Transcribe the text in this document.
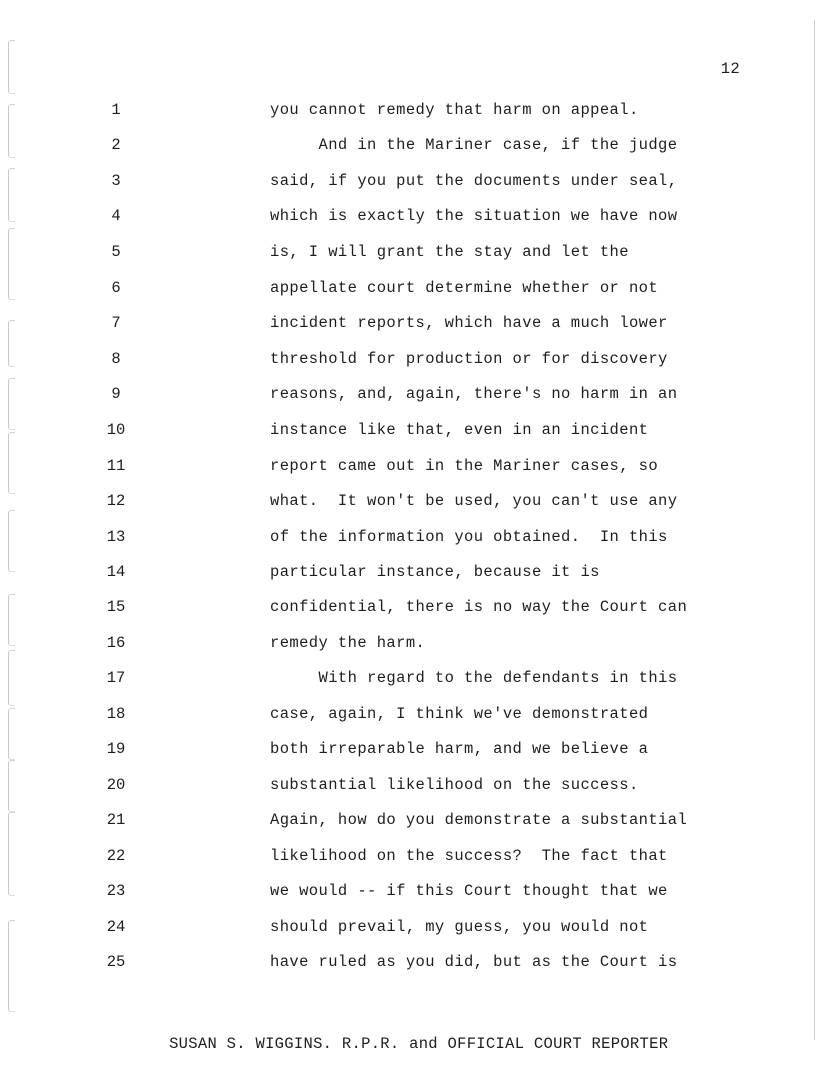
12
1	you cannot remedy that harm on appeal.
2	And in the Mariner case, if the judge
3	said, if you put the documents under seal,
4	which is exactly the situation we have now
5	is, I will grant the stay and let the
6	appellate court determine whether or not
7	incident reports, which have a much lower
8	threshold for production or for discovery
9	reasons, and, again, there's no harm in an
10	instance like that, even in an incident
11	report came out in the Mariner cases, so
12	what.  It won't be used, you can't use any
13	of the information you obtained.  In this
14	particular instance, because it is
15	confidential, there is no way the Court can
16	remedy the harm.
17	With regard to the defendants in this
18	case, again, I think we've demonstrated
19	both irreparable harm, and we believe a
20	substantial likelihood on the success.
21	Again, how do you demonstrate a substantial
22	likelihood on the success?  The fact that
23	we would -- if this Court thought that we
24	should prevail, my guess, you would not
25	have ruled as you did, but as the Court is

SUSAN S. WIGGINS. R.P.R. and OFFICIAL COURT REPORTER
